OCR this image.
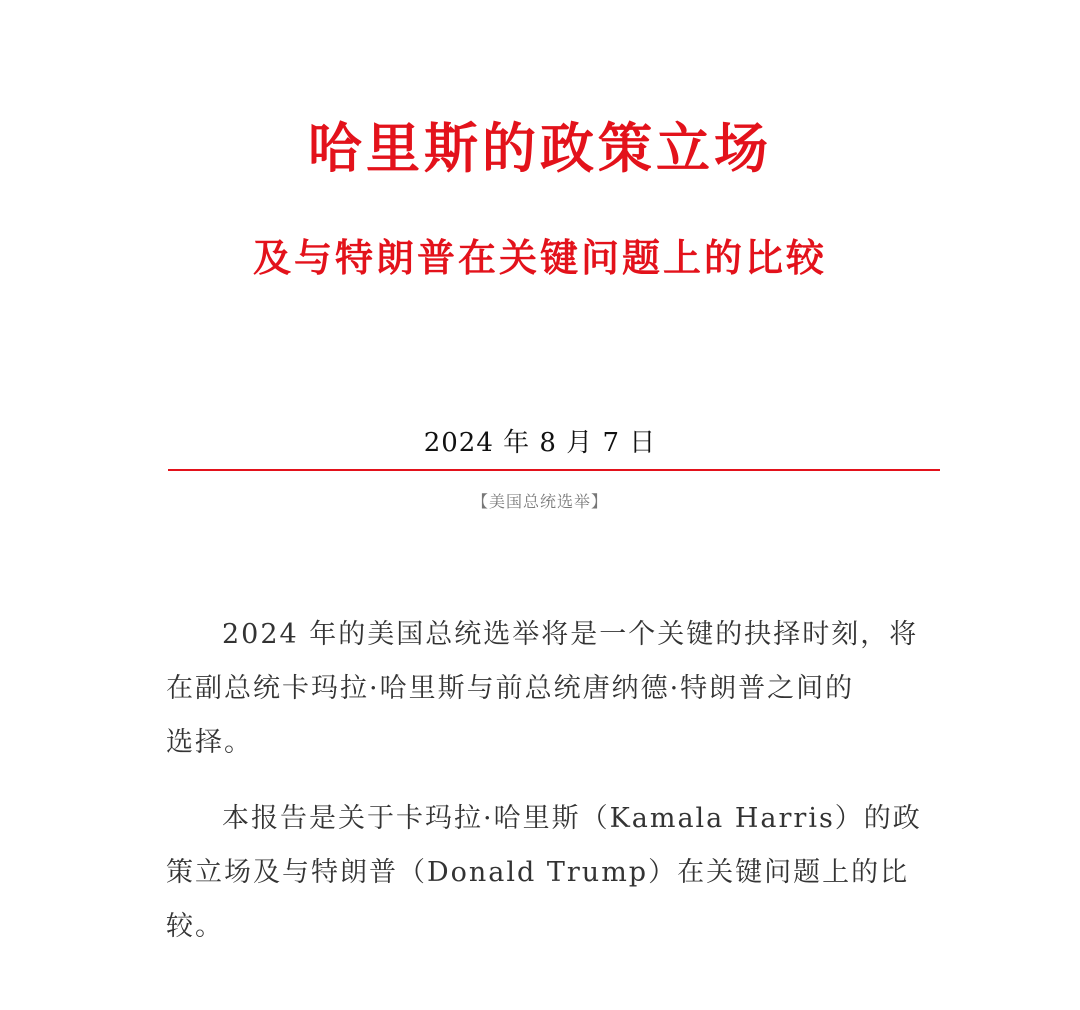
哈里斯的政策立场
及与特朗普在关键问题上的比较
2024 年 8 月 7 日
【美国总统选举】

2024 年的美国总统选举将是一个关键的抉择时刻，将
在副总统卡玛拉·哈里斯与前总统唐纳德·特朗普之间的
选择。

本报告是关于卡玛拉·哈里斯（Kamala Harris）的政
策立场及与特朗普（Donald Trump）在关键问题上的比
较。
